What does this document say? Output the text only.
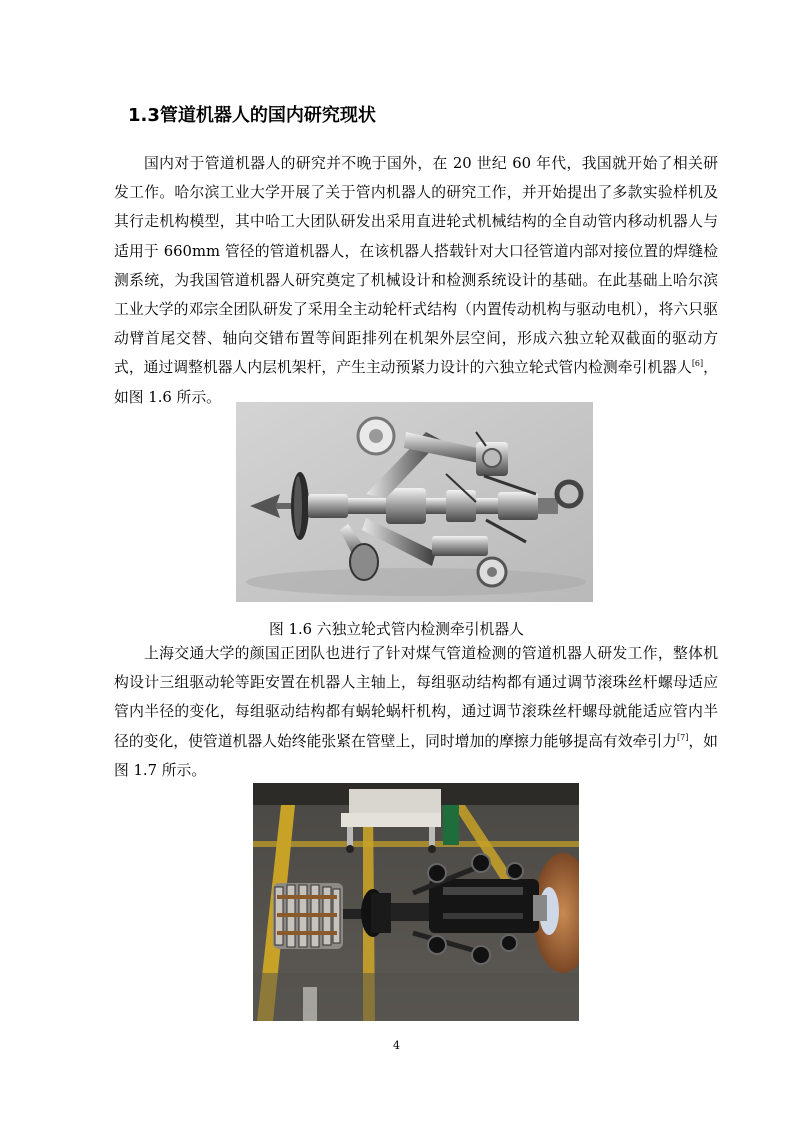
1.3管道机器人的国内研究现状

国内对于管道机器人的研究并不晚于国外，在 20 世纪 60 年代，我国就开始了相关研发工作。哈尔滨工业大学开展了关于管内机器人的研究工作，并开始提出了多款实验样机及其行走机构模型，其中哈工大团队研发出采用直进轮式机械结构的全自动管内移动机器人与适用于 660mm 管径的管道机器人，在该机器人搭载针对大口径管道内部对接位置的焊缝检测系统，为我国管道机器人研究奠定了机械设计和检测系统设计的基础。在此基础上哈尔滨工业大学的邓宗全团队研发了采用全主动轮杆式结构（内置传动机构与驱动电机），将六只驱动臂首尾交替、轴向交错布置等间距排列在机架外层空间，形成六独立轮双截面的驱动方式，通过调整机器人内层机架杆，产生主动预紧力设计的六独立轮式管内检测牵引机器人[6]，如图 1.6 所示。

图 1.6 六独立轮式管内检测牵引机器人

上海交通大学的颜国正团队也进行了针对煤气管道检测的管道机器人研发工作，整体机构设计三组驱动轮等距安置在机器人主轴上，每组驱动结构都有通过调节滚珠丝杆螺母适应管内半径的变化，每组驱动结构都有蜗轮蜗杆机构，通过调节滚珠丝杆螺母就能适应管内半径的变化，使管道机器人始终能张紧在管壁上，同时增加的摩擦力能够提高有效牵引力[7]，如图 1.7 所示。

4
